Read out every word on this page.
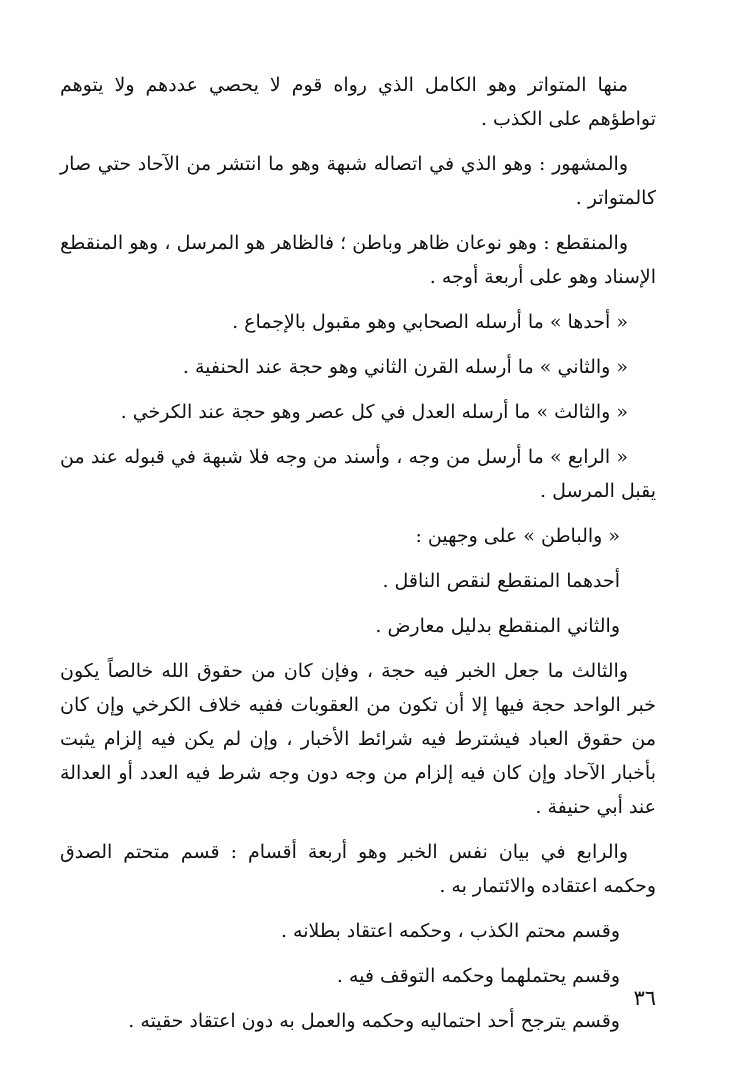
منها المتواتر وهو الكامل الذي رواه قوم لا يحصي عددهم ولا يتوهم تواطؤهم على الكذب .

والمشهور : وهو الذي في اتصاله شبهة وهو ما انتشر من الآحاد حتي صار كالمتواتر .

والمنقطع : وهو نوعان ظاهر وباطن ؛ فالظاهر هو المرسل ، وهو المنقطع الإسناد وهو على أربعة أوجه .

« أحدها » ما أرسله الصحابي وهو مقبول بالإجماع .

« والثاني » ما أرسله القرن الثاني وهو حجة عند الحنفية .

« والثالث » ما أرسله العدل في كل عصر وهو حجة عند الكرخي .

« الرابع » ما أرسل من وجه ، وأسند من وجه فلا شبهة في قبوله عند من يقبل المرسل .

« والباطن » على وجهين :

أحدهما المنقطع لنقص الناقل .

والثاني المنقطع بدليل معارض .

والثالث ما جعل الخبر فيه حجة ، وفإن كان من حقوق الله خالصاً يكون خبر الواحد حجة فيها إلا أن تكون من العقوبات ففيه خلاف الكرخي وإن كان من حقوق العباد فيشترط فيه شرائط الأخبار ، وإن لم يكن فيه إلزام يثبت بأخبار الآحاد وإن كان فيه إلزام من وجه دون وجه شرط فيه العدد أو العدالة عند أبي حنيفة .

والرابع في بيان نفس الخبر وهو أربعة أقسام : قسم متحتم الصدق وحكمه اعتقاده والائتمار به .

وقسم محتم الكذب ، وحكمه اعتقاد بطلانه .

وقسم يحتملهما وحكمه التوقف فيه .

وقسم يترجح أحد احتماليه وحكمه والعمل به دون اعتقاد حقيته .

٣٦
